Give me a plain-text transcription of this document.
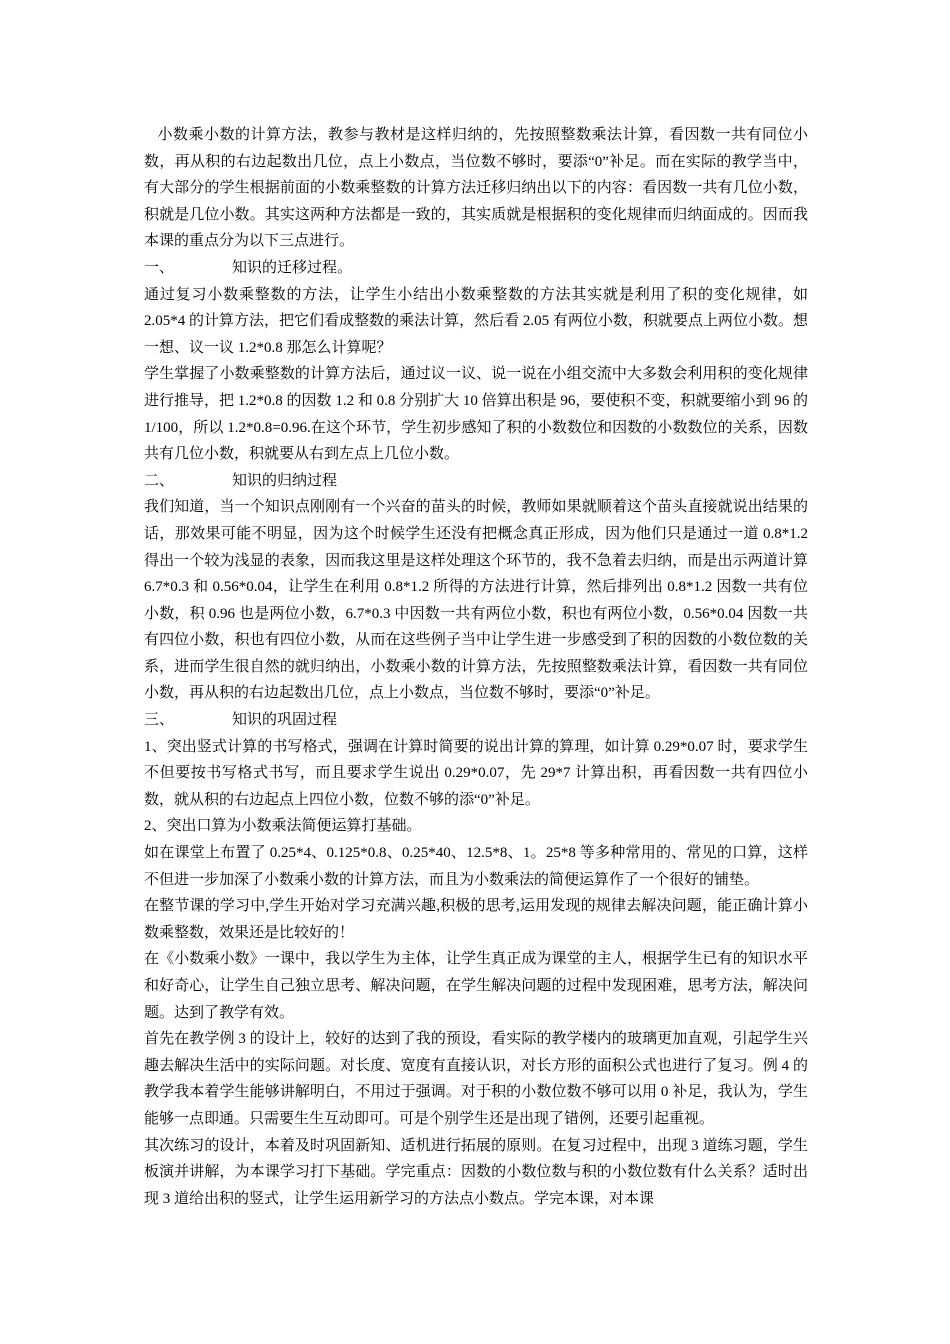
小数乘小数的计算方法，教参与教材是这样归纳的，先按照整数乘法计算，看因数一共有同位小数，再从积的右边起数出几位，点上小数点，当位数不够时，要添“0”补足。而在实际的教学当中，有大部分的学生根据前面的小数乘整数的计算方法迁移归纳出以下的内容：看因数一共有几位小数，积就是几位小数。其实这两种方法都是一致的，其实质就是根据积的变化规律而归纳面成的。因而我本课的重点分为以下三点进行。

一、	知识的迁移过程。

通过复习小数乘整数的方法，让学生小结出小数乘整数的方法其实就是利用了积的变化规律，如 2.05*4 的计算方法，把它们看成整数的乘法计算，然后看 2.05 有两位小数，积就要点上两位小数。想一想、议一议 1.2*0.8 那怎么计算呢？

学生掌握了小数乘整数的计算方法后，通过议一议、说一说在小组交流中大多数会利用积的变化规律进行推导，把 1.2*0.8 的因数 1.2 和 0.8 分别扩大 10 倍算出积是 96，要使积不变，积就要缩小到 96 的 1/100，所以 1.2*0.8=0.96.在这个环节，学生初步感知了积的小数数位和因数的小数数位的关系，因数共有几位小数，积就要从右到左点上几位小数。

二、	知识的归纳过程

我们知道，当一个知识点刚刚有一个兴奋的苗头的时候，教师如果就顺着这个苗头直接就说出结果的话，那效果可能不明显，因为这个时候学生还没有把概念真正形成，因为他们只是通过一道 0.8*1.2 得出一个较为浅显的表象，因而我这里是这样处理这个环节的，我不急着去归纳，而是出示两道计算 6.7*0.3 和 0.56*0.04，让学生在利用 0.8*1.2 所得的方法进行计算，然后排列出 0.8*1.2 因数一共有位小数，积 0.96 也是两位小数，6.7*0.3 中因数一共有两位小数，积也有两位小数，0.56*0.04 因数一共有四位小数，积也有四位小数，从而在这些例子当中让学生进一步感受到了积的因数的小数位数的关系，进而学生很自然的就归纳出，小数乘小数的计算方法，先按照整数乘法计算，看因数一共有同位小数，再从积的右边起数出几位，点上小数点，当位数不够时，要添“0”补足。

三、	知识的巩固过程

1、突出竖式计算的书写格式，强调在计算时简要的说出计算的算理，如计算 0.29*0.07 时，要求学生不但要按书写格式书写，而且要求学生说出 0.29*0.07，先 29*7 计算出积，再看因数一共有四位小数，就从积的右边起点上四位小数，位数不够的添“0”补足。

2、突出口算为小数乘法简便运算打基础。

如在课堂上布置了 0.25*4、0.125*0.8、0.25*40、12.5*8、1。25*8 等多种常用的、常见的口算，这样不但进一步加深了小数乘小数的计算方法，而且为小数乘法的简便运算作了一个很好的铺垫。

在整节课的学习中,学生开始对学习充满兴趣,积极的思考,运用发现的规律去解决问题，能正确计算小数乘整数，效果还是比较好的！

在《小数乘小数》一课中，我以学生为主体，让学生真正成为课堂的主人，根据学生已有的知识水平和好奇心，让学生自己独立思考、解决问题，在学生解决问题的过程中发现困难，思考方法，解决问题。达到了教学有效。

首先在教学例 3 的设计上，较好的达到了我的预设，看实际的教学楼内的玻璃更加直观，引起学生兴趣去解决生活中的实际问题。对长度、宽度有直接认识，对长方形的面积公式也进行了复习。例 4 的教学我本着学生能够讲解明白，不用过于强调。对于积的小数位数不够可以用 0 补足，我认为，学生能够一点即通。只需要生生互动即可。可是个别学生还是出现了错例，还要引起重视。

其次练习的设计，本着及时巩固新知、适机进行拓展的原则。在复习过程中，出现 3 道练习题，学生板演并讲解，为本课学习打下基础。学完重点：因数的小数位数与积的小数位数有什么关系？适时出现 3 道给出积的竖式，让学生运用新学习的方法点小数点。学完本课，对本课
